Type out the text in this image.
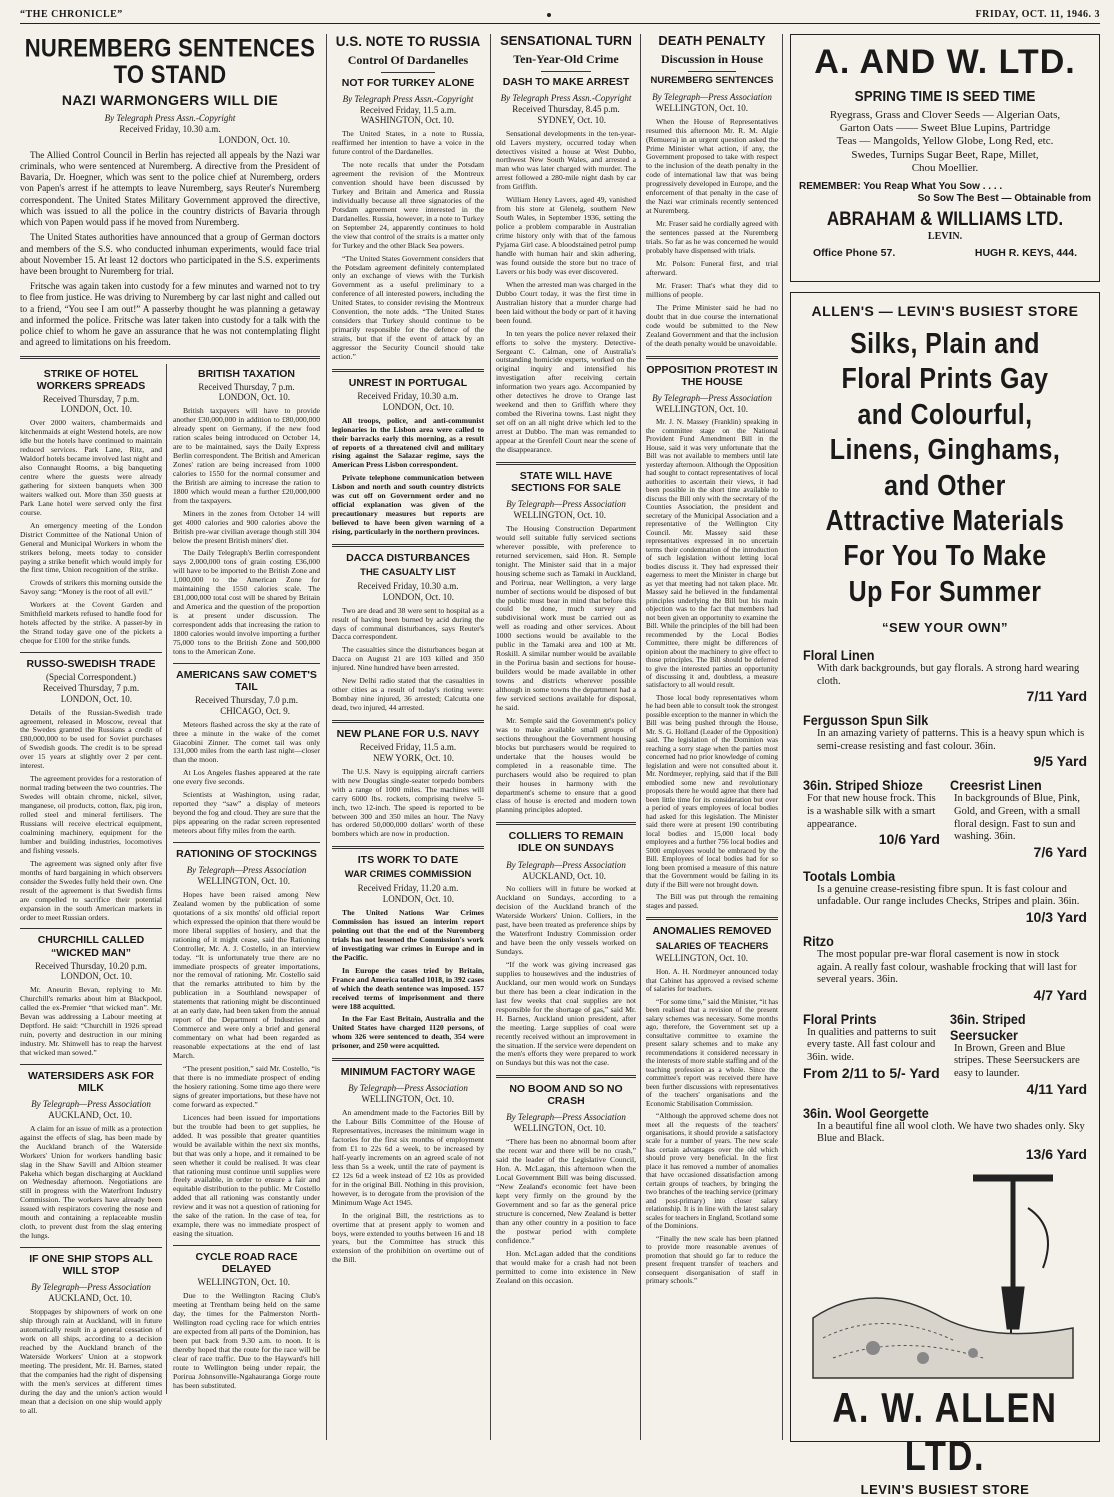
“THE CHRONICLE”	FRIDAY, OCT. 11, 1946. 3
NUREMBERG SENTENCES TO STAND
NAZI WARMONGERS WILL DIE
By Telegraph Press Assn.-Copyright
Received Friday, 10.30 a.m.
LONDON, Oct. 10.

The Allied Control Council in Berlin has rejected all appeals by the Nazi war criminals, who were sentenced at Nuremberg. A directive from the President of Bavaria, Dr. Hoegner, which was sent to the police chief at Nuremberg, orders von Papen's arrest if he attempts to leave Nuremberg, says Reuter's Nuremberg correspondent. The United States Military Government approved the directive, which was issued to all the police in the country districts of Bavaria through which von Papen would pass if he moved from Nuremberg.

The United States authorities have announced that a group of German doctors and members of the S.S. who conducted inhuman experiments, would face trial about November 15. At least 12 doctors who participated in the S.S. experiments have been brought to Nuremberg for trial.

Fritsche was again taken into custody for a few minutes and warned not to try to flee from justice. He was driving to Nuremberg by car last night and called out to a friend, “You see I am out!” A passerby thought he was planning a getaway and informed the police. Fritsche was later taken into custody for a talk with the police chief to whom he gave an assurance that he was not contemplating flight and agreed to limitations on his freedom.

STRIKE OF HOTEL WORKERS SPREADS
Received Thursday, 7 p.m.
LONDON, Oct. 10.

Over 2000 waiters, chambermaids and kitchenmaids at eight Westend hotels, are now idle but the hotels have continued to maintain reduced services. Park Lane, Ritz, and Waldorf hotels became involved last night and also Connaught Rooms, a big banqueting centre where the guests were already gathering for sixteen banquets when 300 waiters walked out. More than 350 guests at Park Lane hotel were served only the first course.

An emergency meeting of the London District Committee of the National Union of General and Municipal Workers in whom the strikers belong, meets today to consider paying a strike benefit which would imply for the first time, Union recognition of the strike.

Crowds of strikers this morning outside the Savoy sang: “Money is the root of all evil.”

Workers at the Covent Garden and Smithfield markets refused to handle food for hotels affected by the strike. A passer-by in the Strand today gave one of the pickets a cheque for £100 for the strike funds.

RUSSO-SWEDISH TRADE
(Special Correspondent.)
Received Thursday, 7 p.m.
LONDON, Oct. 10.

Details of the Russian-Swedish trade agreement, released in Moscow, reveal that the Swedes granted the Russians a credit of £80,000,000 to be used for Soviet purchases of Swedish goods. The credit is to be spread over 15 years at slightly over 2 per cent. interest.

The agreement provides for a restoration of normal trading between the two countries. The Swedes will obtain chrome, nickel, silver, manganese, oil products, cotton, flax, pig iron, rolled steel and mineral fertilisers. The Russians will receive electrical equipment, coalmining machinery, equipment for the lumber and building industries, locomotives and fishing vessels.

The agreement was signed only after five months of hard bargaining in which observers consider the Swedes fully held their own. One result of the agreement is that Swedish firms are compelled to sacrifice their potential expansion in the south American markets in order to meet Russian orders.

CHURCHILL CALLED “WICKED MAN”
Received Thursday, 10.20 p.m.
LONDON, Oct. 10.

Mr. Aneurin Bevan, replying to Mr. Churchill's remarks about him at Blackpool, called the ex-Premier “that wicked man”. Mr. Bevan was addressing a Labour meeting at Deptford. He said: “Churchill in 1926 spread ruin, poverty and destruction in our mining industry. Mr. Shinwell has to reap the harvest that wicked man sowed.”

WATERSIDERS ASK FOR MILK
By Telegraph—Press Association
AUCKLAND, Oct. 10.

A claim for an issue of milk as a protection against the effects of slag, has been made by the Auckland branch of the Waterside Workers' Union for workers handling basic slag in the Shaw Savill and Albion steamer Pakeha which began discharging at Auckland on Wednesday afternoon. Negotiations are still in progress with the Waterfront Industry Commission. The workers have already been issued with respirators covering the nose and mouth and containing a replaceable muslin cloth, to prevent dust from the slag entering the lungs.

IF ONE SHIP STOPS ALL WILL STOP
By Telegraph—Press Association
AUCKLAND, Oct. 10.

Stoppages by shipowners of work on one ship through rain at Auckland, will in future automatically result in a general cessation of work on all ships, according to a decision reached by the Auckland branch of the Waterside Workers' Union at a stopwork meeting. The president, Mr. H. Barnes, stated that the companies had the right of dispensing with the men's services at different times during the day and the union's action would mean that a decision on one ship would apply to all.

BRITISH TAXATION
Received Thursday, 7 p.m.
LONDON, Oct. 10.

British taxpayers will have to provide another £30,000,000 in addition to £80,000,000 already spent on Germany, if the new food ration scales being introduced on October 14, are to be maintained, says the Daily Express Berlin correspondent. The British and American Zones' ration are being increased from 1000 calories to 1550 for the normal consumer and the British are aiming to increase the ration to 1800 which would mean a further £20,000,000 from the taxpayers.

Miners in the zones from October 14 will get 4000 calories and 900 calories above the British pre-war civilian average though still 304 below the present British miners' diet.

The Daily Telegraph's Berlin correspondent says 2,000,000 tons of grain costing £36,000 will have to be imported to the British Zone and 1,000,000 to the American Zone for maintaining the 1550 calories scale. The £81,000,000 total cost will be shared by Britain and America and the question of the proportion is at present under discussion. The correspondent adds that increasing the ration to 1800 calories would involve importing a further 75,000 tons to the British Zone and 500,000 tons to the American Zone.

AMERICANS SAW COMET'S TAIL
Received Thursday, 7.0 p.m.
CHICAGO, Oct. 9.

Meteors flashed across the sky at the rate of three a minute in the wake of the comet Giacobini Zinner. The comet tail was only 131,000 miles from the earth last night—closer than the moon.

At Los Angeles flashes appeared at the rate one every five seconds.

Scientists at Washington, using radar, reported they “saw” a display of meteors beyond the fog and cloud. They are sure that the pips appearing on the radar screen represented meteors about fifty miles from the earth.

RATIONING OF STOCKINGS
By Telegraph—Press Association
WELLINGTON, Oct. 10.

Hopes have been raised among New Zealand women by the publication of some quotations of a six months' old official report which expressed the opinion that there would be more liberal supplies of hosiery, and that the rationing of it might cease, said the Rationing Controller, Mr. A. J. Costello, in an interview today. “It is unfortunately true there are no immediate prospects of greater importations, nor the removal of rationing. Mr. Costello said that the remarks attributed to him by the publication in a Southland newspaper of statements that rationing might be discontinued at an early date, had been taken from the annual report of the Department of Industries and Commerce and were only a brief and general commentary on what had been regarded as reasonable expectations at the end of last March.

“The present position,” said Mr. Costello, “is that there is no immediate prospect of ending the hosiery rationing. Some time ago there were signs of greater importations, but these have not come forward as expected.”

Licences had been issued for importations but the trouble had been to get supplies, he added. It was possible that greater quantities would be available within the next six months, but that was only a hope, and it remained to be seen whether it could be realised. It was clear that rationing must continue until supplies were freely available, in order to ensure a fair and equitable distribution to the public. Mr Costello added that all rationing was constantly under review and it was not a question of rationing for the sake of the ration. In the case of tea, for example, there was no immediate prospect of easing the situation.

CYCLE ROAD RACE DELAYED
WELLINGTON, Oct. 10.

Due to the Wellington Racing Club's meeting at Trentham being held on the same day, the times for the Palmerston North-Wellington road cycling race for which entries are expected from all parts of the Dominion, has been put back from 9.30 a.m. to noon. It is thereby hoped that the route for the race will be clear of race traffic. Due to the Hayward's hill route to Wellington being under repair, the Porirua Johnsonville-Ngahauranga Gorge route has been substituted.

U.S. NOTE TO RUSSIA
Control Of Dardanelles
NOT FOR TURKEY ALONE
By Telegraph Press Assn.-Copyright
Received Friday, 11.5 a.m.
WASHINGTON, Oct. 10.

The United States, in a note to Russia, reaffirmed her intention to have a voice in the future control of the Dardanelles.

The note recalls that under the Potsdam agreement the revision of the Montreux convention should have been discussed by Turkey and Britain and America and Russia individually because all three signatories of the Potsdam agreement were interested in the Dardanelles. Russia, however, in a note to Turkey on September 24, apparently continues to hold the view that control of the straits is a matter only for Turkey and the other Black Sea powers.

“The United States Government considers that the Potsdam agreement definitely contemplated only an exchange of views with the Turkish Government as a useful preliminary to a conference of all interested powers, including the United States, to consider revising the Montreux Convention, the note adds. “The United States considers that Turkey should continue to be primarily responsible for the defence of the straits, but that if the event of attack by an aggressor the Security Council should take action.”

UNREST IN PORTUGAL
Received Friday, 10.30 a.m.
LONDON, Oct. 10.

All troops, police, and anti-communist legionaries in the Lisbon area were called to their barracks early this morning, as a result of reports of a threatened civil and military rising against the Salazar regime, says the American Press Lisbon correspondent.

Private telephone communication between Lisbon and north and south country districts was cut off on Government order and no official explanation was given of the precautionary measures but reports are believed to have been given warning of a rising, particularly in the northern provinces.

DACCA DISTURBANCES
THE CASUALTY LIST
Received Friday, 10.30 a.m.
LONDON, Oct. 10.

Two are dead and 38 were sent to hospital as a result of having been burned by acid during the days of communal disturbances, says Reuter's Dacca correspondent.

The casualties since the disturbances began at Dacca on August 21 are 103 killed and 350 injured. Nine hundred have been arrested.

New Delhi radio stated that the casualties in other cities as a result of today's rioting were: Bombay nine injured, 36 arrested; Calcutta one dead, two injured, 44 arrested.

NEW PLANE FOR U.S. NAVY
Received Friday, 11.5 a.m.
NEW YORK, Oct. 10.

The U.S. Navy is equipping aircraft carriers with new Douglas single-seater torpedo bombers with a range of 1000 miles. The machines will carry 6000 lbs. rockets, comprising twelve 5-inch, two 12-inch. The speed is reported to be between 300 and 350 miles an hour. The Navy has ordered 50,000,000 dollars' worth of these bombers which are now in production.

ITS WORK TO DATE
WAR CRIMES COMMISSION
Received Friday, 11.20 a.m.
LONDON, Oct. 10.

The United Nations War Crimes Commission has issued an interim report pointing out that the end of the Nuremberg trials has not lessened the Commission's work of investigating war crimes in Europe and in the Pacific.

In Europe the cases tried by Britain, France and America totalled 1018, in 392 cases of which the death sentence was imposed. 157 received terms of imprisonment and there were 188 acquitted.

In the Far East Britain, Australia and the United States have charged 1120 persons, of whom 326 were sentenced to death, 354 were prisoner, and 250 were acquitted.

MINIMUM FACTORY WAGE
By Telegraph—Press Association
WELLINGTON, Oct. 10.

An amendment made to the Factories Bill by the Labour Bills Committee of the House of Representatives, increases the minimum wage in factories for the first six months of employment from £1 to 22s 6d a week, to be increased by half-yearly increments on an agreed scale of not less than 5s a week, until the rate of payment is £2 12s 6d a week instead of £2 10s as provided for in the original Bill. Nothing in this provision, however, is to derogate from the provision of the Minimum Wage Act 1945.

In the original Bill, the restrictions as to overtime that at present apply to women and boys, were extended to youths between 16 and 18 years, but the Committee has struck this extension of the prohibition on overtime out of the Bill.

SENSATIONAL TURN
Ten-Year-Old Crime
DASH TO MAKE ARREST
By Telegraph Press Assn.-Copyright
Received Thursday, 8.45 p.m.
SYDNEY, Oct. 10.

Sensational developments in the ten-year-old Lavers mystery, occurred today when detectives visited a house at West Dubbo, northwest New South Wales, and arrested a man who was later charged with murder. The arrest followed a 280-mile night dash by car from Griffith.

William Henry Lavers, aged 49, vanished from his store at Glenelg, southern New South Wales, in September 1936, setting the police a problem comparable in Australian crime history only with that of the famous Pyjama Girl case. A bloodstained petrol pump handle with human hair and skin adhering, was found outside the store but no trace of Lavers or his body was ever discovered.

When the arrested man was charged in the Dubbo Court today, it was the first time in Australian history that a murder charge had been laid without the body or part of it having been found.

In ten years the police never relaxed their efforts to solve the mystery. Detective-Sergeant C. Calman, one of Australia's outstanding homicide experts, worked on the original inquiry and intensified his investigation after receiving certain information two years ago. Accompanied by other detectives he drove to Orange last weekend and then to Griffith where they combed the Riverina towns. Last night they set off on an all night drive which led to the arrest at Dubbo. The man was remanded to appear at the Grenfell Court near the scene of the disappearance.

STATE WILL HAVE SECTIONS FOR SALE
By Telegraph—Press Association
WELLINGTON, Oct. 10.

The Housing Construction Department would sell suitable fully serviced sections wherever possible, with preference to returned servicemen, said Hon. R. Semple tonight. The Minister said that in a major housing scheme such as Tamaki in Auckland, and Porirua, near Wellington, a very large number of sections would be disposed of but the public must bear in mind that before this could be done, much survey and subdivisional work must be carried out as well as roading and other services. About 1000 sections would be available to the public in the Tamaki area and 100 at Mt. Roskill. A similar number would be available in the Porirua basin and sections for house-builders would be made available in other towns and districts wherever possible although in some towns the department had a few serviced sections available for disposal, he said.

Mr. Semple said the Government's policy was to make available small groups of sections throughout the Government housing blocks but purchasers would be required to undertake that the houses would be completed in a reasonable time. The purchasers would also be required to plan their houses in harmony with the department's scheme to ensure that a good class of house is erected and modern town planning principles adopted.

COLLIERS TO REMAIN IDLE ON SUNDAYS
By Telegraph—Press Association
AUCKLAND, Oct. 10.

No colliers will in future be worked at Auckland on Sundays, according to a decision of the Auckland branch of the Waterside Workers' Union. Colliers, in the past, have been treated as preference ships by the Waterfront Industry Commission order and have been the only vessels worked on Sundays.

“If the work was giving increased gas supplies to housewives and the industries of Auckland, our men would work on Sundays but there has been a clear indication in the last few weeks that coal supplies are not responsible for the shortage of gas,” said Mr. H. Barnes, Auckland union president, after the meeting. Large supplies of coal were recently received without an improvement in the situation. If the service were dependent on the men's efforts they were prepared to work on Sundays but this was not the case.

NO BOOM AND SO NO CRASH
By Telegraph—Press Association
WELLINGTON, Oct. 10.

“There has been no abnormal boom after the recent war and there will be no crash,” said the leader of the Legislative Council, Hon. A. McLagan, this afternoon when the Local Government Bill was being discussed. “New Zealand's economic feet have been kept very firmly on the ground by the Government and so far as the general price structure is concerned, New Zealand is better than any other country in a position to face the postwar period with complete confidence.”

Hon. McLagan added that the conditions that would make for a crash had not been permitted to come into existence in New Zealand on this occasion.

DEATH PENALTY
Discussion in House
NUREMBERG SENTENCES
By Telegraph—Press Association
WELLINGTON, Oct. 10.

When the House of Representatives resumed this afternoon Mr. R. M. Algie (Remuera) in an urgent question asked the Prime Minister what action, if any, the Government proposed to take with respect to the inclusion of the death penalty in the code of international law that was being progressively developed in Europe, and the enforcement of that penalty in the case of the Nazi war criminals recently sentenced at Nuremberg.

Mr. Fraser said he cordially agreed with the sentences passed at the Nuremberg trials. So far as he was concerned he would probably have dispensed with trials.

Mr. Polson: Funeral first, and trial afterward.

Mr. Fraser: That's what they did to millions of people.

The Prime Minister said he had no doubt that in due course the international code would be submitted to the New Zealand Government and that the inclusion of the death penalty would be unavoidable.

OPPOSITION PROTEST IN THE HOUSE
By Telegraph—Press Association
WELLINGTON, Oct. 10.

Mr. J. N. Massey (Franklin) speaking in the committee stage on the National Provident Fund Amendment Bill in the House, said it was very unfortunate that the Bill was not available to members until late yesterday afternoon. Although the Opposition had sought to contact representatives of local authorities to ascertain their views, it had been possible in the short time available to discuss the Bill only with the secretary of the Counties Association, the president and secretary of the Municipal Association and a representative of the Wellington City Council. Mr. Massey said these representatives expressed in no uncertain terms their condemnation of the introduction of such legislation without letting local bodies discuss it. They had expressed their eagerness to meet the Minister in charge but as yet that meeting had not taken place. Mr. Massey said he believed in the fundamental principles underlying the Bill but his main objection was to the fact that members had not been given an opportunity to examine the Bill. While the principles of the bill had been recommended by the Local Bodies Committee, there might be differences of opinion about the machinery to give effect to those principles. The Bill should be deferred to give the interested parties an opportunity of discussing it and, doubtless, a measure satisfactory to all would result.

Those local body representatives whom he had been able to consult took the strongest possible exception to the manner in which the Bill was being pushed through the House, Mr. S. G. Holland (Leader of the Opposition) said. The legislation of the Dominion was reaching a sorry stage when the parties most concerned had no prior knowledge of coming legislation and were not consulted about it. Mr. Nordmeyer, replying, said that if the Bill embodied some new and revolutionary proposals there he would agree that there had been little time for its consideration but over a period of years employees of local bodies had asked for this legislation. The Minister said there were at present 190 contributing local bodies and 15,000 local body employees and a further 756 local bodies and 5000 employees would be embraced by the Bill. Employees of local bodies had for so long been promised a measure of this nature that the Government would be failing in its duty if the Bill were not brought down.

The Bill was put through the remaining stages and passed.

ANOMALIES REMOVED
SALARIES OF TEACHERS
WELLINGTON, Oct. 10.

Hon. A. H. Nordmeyer announced today that Cabinet has approved a revised scheme of salaries for teachers.

“For some time,” said the Minister, “it has been realised that a revision of the present salary schemes was necessary. Some months ago, therefore, the Government set up a consultative committee to examine the present salary schemes and to make any recommendations it considered necessary in the interests of more stable staffing and of the teaching profession as a whole. Since the committee's report was received there have been further discussions with representatives of the teachers' organisations and the Economic Stabilisation Commission.

“Although the approved scheme does not meet all the requests of the teachers' organisations, it should provide a satisfactory scale for a number of years. The new scale has certain advantages over the old which should prove very beneficial. In the first place it has removed a number of anomalies that have occasioned dissatisfaction among certain groups of teachers, by bringing the two branches of the teaching service (primary and post-primary) into closer salary relationship. It is in line with the latest salary scales for teachers in England, Scotland some of the Dominions.

“Finally the new scale has been planned to provide more reasonable avenues of promotion that should go far to reduce the present frequent transfer of teachers and consequent disorganisation of staff in primary schools.”

A. AND W. LTD.
SPRING TIME IS SEED TIME
Ryegrass, Grass and Clover Seeds — Algerian Oats,
Garton Oats —— Sweet Blue Lupins, Partridge
Teas — Mangolds, Yellow Globe, Long Red, etc.
Swedes, Turnips Sugar Beet, Rape, Millet,
Chou Moellier.
REMEMBER: You Reap What You Sow . . . .
So Sow The Best — Obtainable from
ABRAHAM & WILLIAMS LTD.
LEVIN.
Office Phone 57.	HUGH R. KEYS, 444.
ALLEN'S — LEVIN'S BUSIEST STORE
Silks, Plain and Floral Prints Gay and Colourful, Linens, Ginghams, and Other Attractive Materials For You To Make Up For Summer
“SEW YOUR OWN”
Floral Linen
With dark backgrounds, but gay florals. A strong hard wearing cloth.
7/11 Yard
Fergusson Spun Silk
In an amazing variety of patterns. This is a heavy spun which is semi-crease resisting and fast colour. 36in.
9/5 Yard
36in. Striped Shioze
For that new house frock. This is a washable silk with a smart appearance.
10/6 Yard
Creesrist Linen
In backgrounds of Blue, Pink, Gold, and Green, with a small floral design. Fast to sun and washing. 36in.
7/6 Yard
Tootals Lombia
Is a genuine crease-resisting fibre spun. It is fast colour and unfadable. Our range includes Checks, Stripes and plain. 36in.
10/3 Yard
Ritzo
The most popular pre-war floral casement is now in stock again. A really fast colour, washable frocking that will last for several years. 36in.
4/7 Yard
Floral Prints
In qualities and patterns to suit every taste. All fast colour and 36in. wide.
From 2/11 to 5/- Yard
36in. Striped Seersucker
In Brown, Green and Blue stripes. These Seersuckers are easy to launder.
4/11 Yard
36in. Wool Georgette
In a beautiful fine all wool cloth. We have two shades only. Sky Blue and Black.
13/6 Yard
A. W. ALLEN LTD.
LEVIN'S BUSIEST STORE
